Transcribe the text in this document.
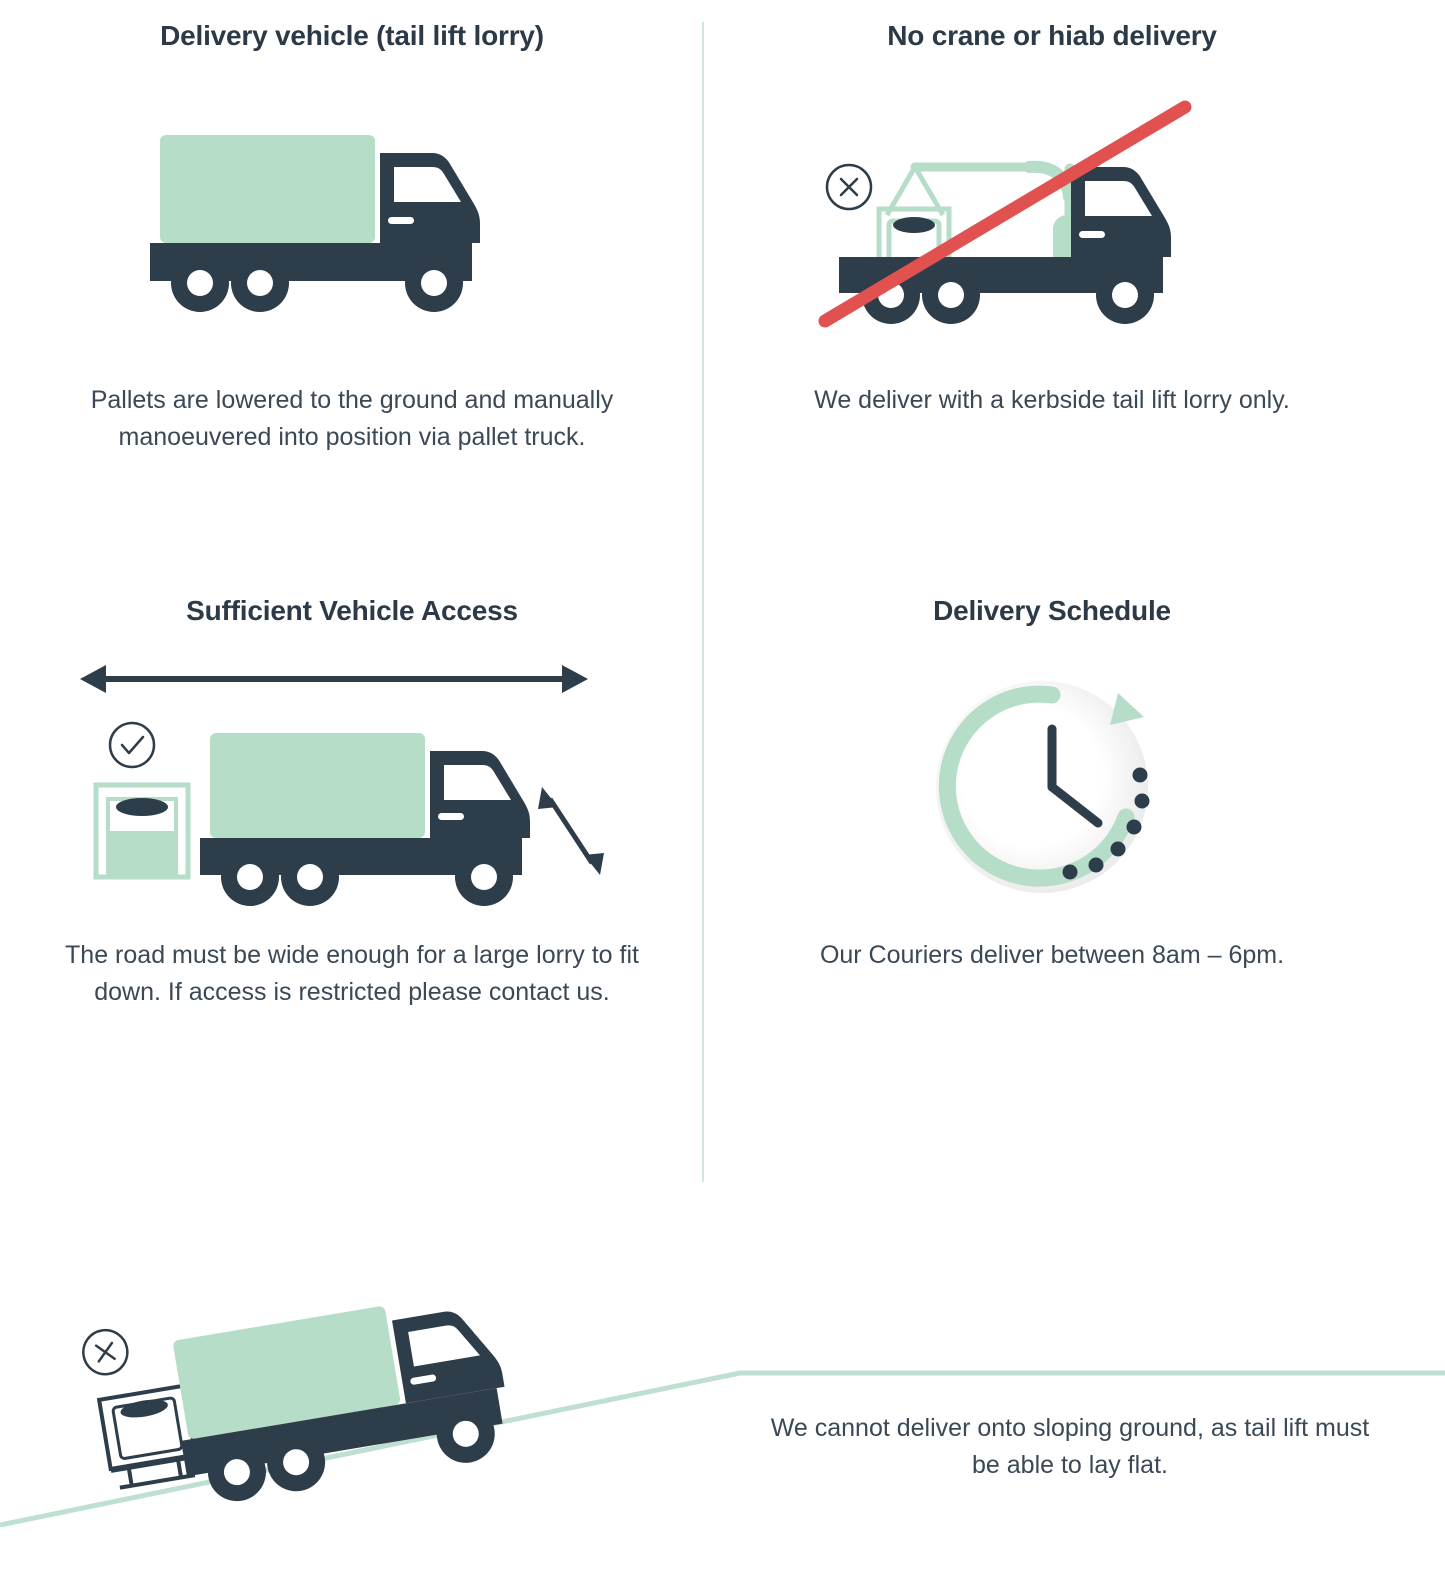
Delivery vehicle (tail lift lorry)
Pallets are lowered to the ground and manually manoeuvered into position via pallet truck.
No crane or hiab delivery
We deliver with a kerbside tail lift lorry only.
Sufficient Vehicle Access
The road must be wide enough for a large lorry to fit down. If access is restricted please contact us.
Delivery Schedule
Our Couriers deliver between 8am – 6pm.
We cannot deliver onto sloping ground, as tail lift must be able to lay flat.
